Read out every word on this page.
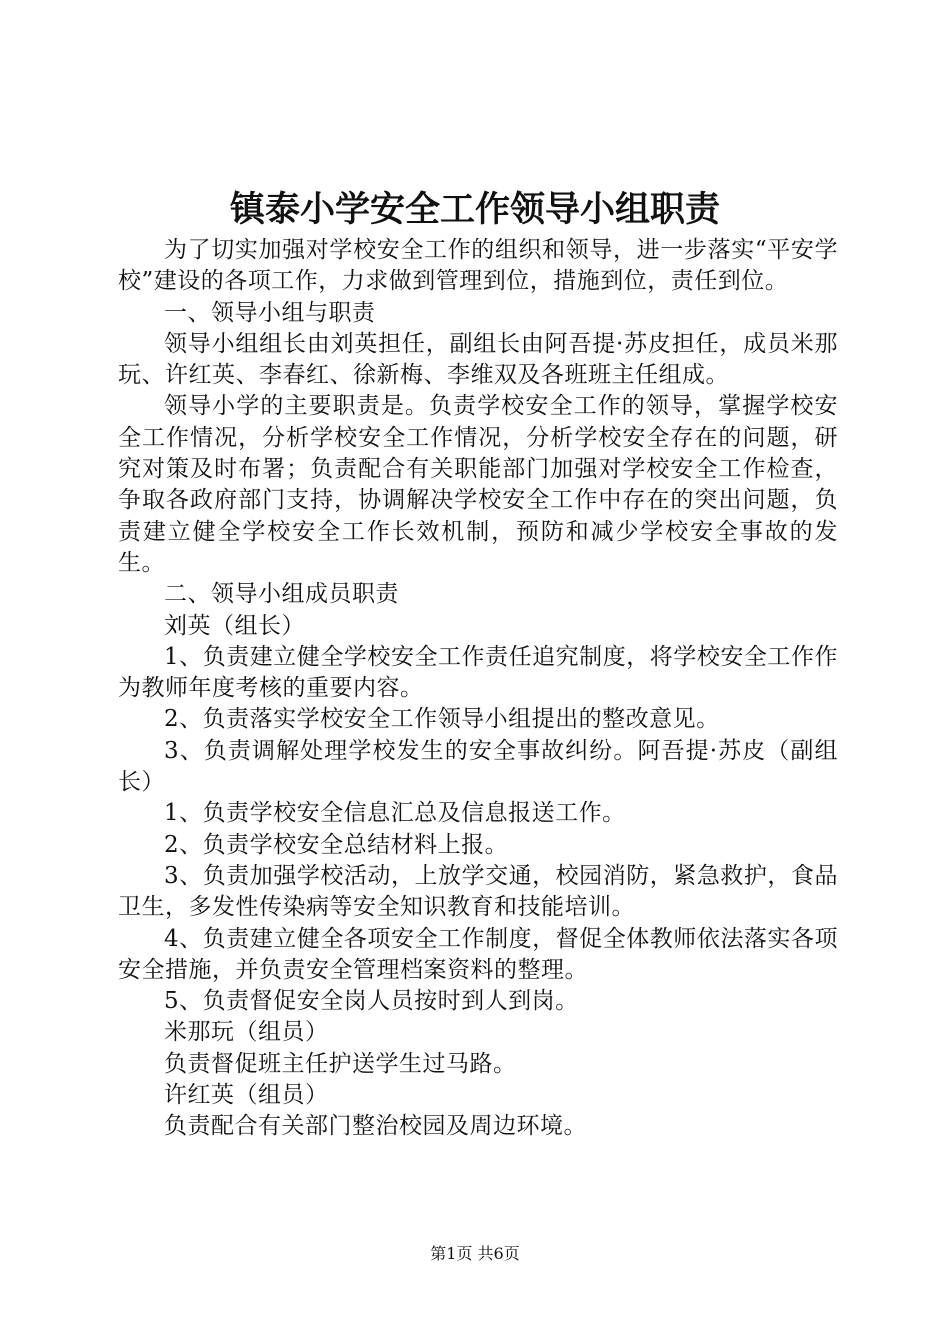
镇泰小学安全工作领导小组职责

为了切实加强对学校安全工作的组织和领导，进一步落实“平安学校”建设的各项工作，力求做到管理到位，措施到位，责任到位。

一、领导小组与职责

领导小组组长由刘英担任，副组长由阿吾提·苏皮担任，成员米那玩、许红英、李春红、徐新梅、李维双及各班班主任组成。

领导小学的主要职责是。负责学校安全工作的领导，掌握学校安全工作情况，分析学校安全工作情况，分析学校安全存在的问题，研究对策及时布署；负责配合有关职能部门加强对学校安全工作检查，争取各政府部门支持，协调解决学校安全工作中存在的突出问题，负责建立健全学校安全工作长效机制，预防和减少学校安全事故的发生。

二、领导小组成员职责

刘英（组长）

1、负责建立健全学校安全工作责任追究制度，将学校安全工作作为教师年度考核的重要内容。

2、负责落实学校安全工作领导小组提出的整改意见。

3、负责调解处理学校发生的安全事故纠纷。阿吾提·苏皮（副组长）

1、负责学校安全信息汇总及信息报送工作。

2、负责学校安全总结材料上报。

3、负责加强学校活动，上放学交通，校园消防，紧急救护，食品卫生，多发性传染病等安全知识教育和技能培训。

4、负责建立健全各项安全工作制度，督促全体教师依法落实各项安全措施，并负责安全管理档案资料的整理。

5、负责督促安全岗人员按时到人到岗。

米那玩（组员）

负责督促班主任护送学生过马路。

许红英（组员）

负责配合有关部门整治校园及周边环境。

第1页 共6页
